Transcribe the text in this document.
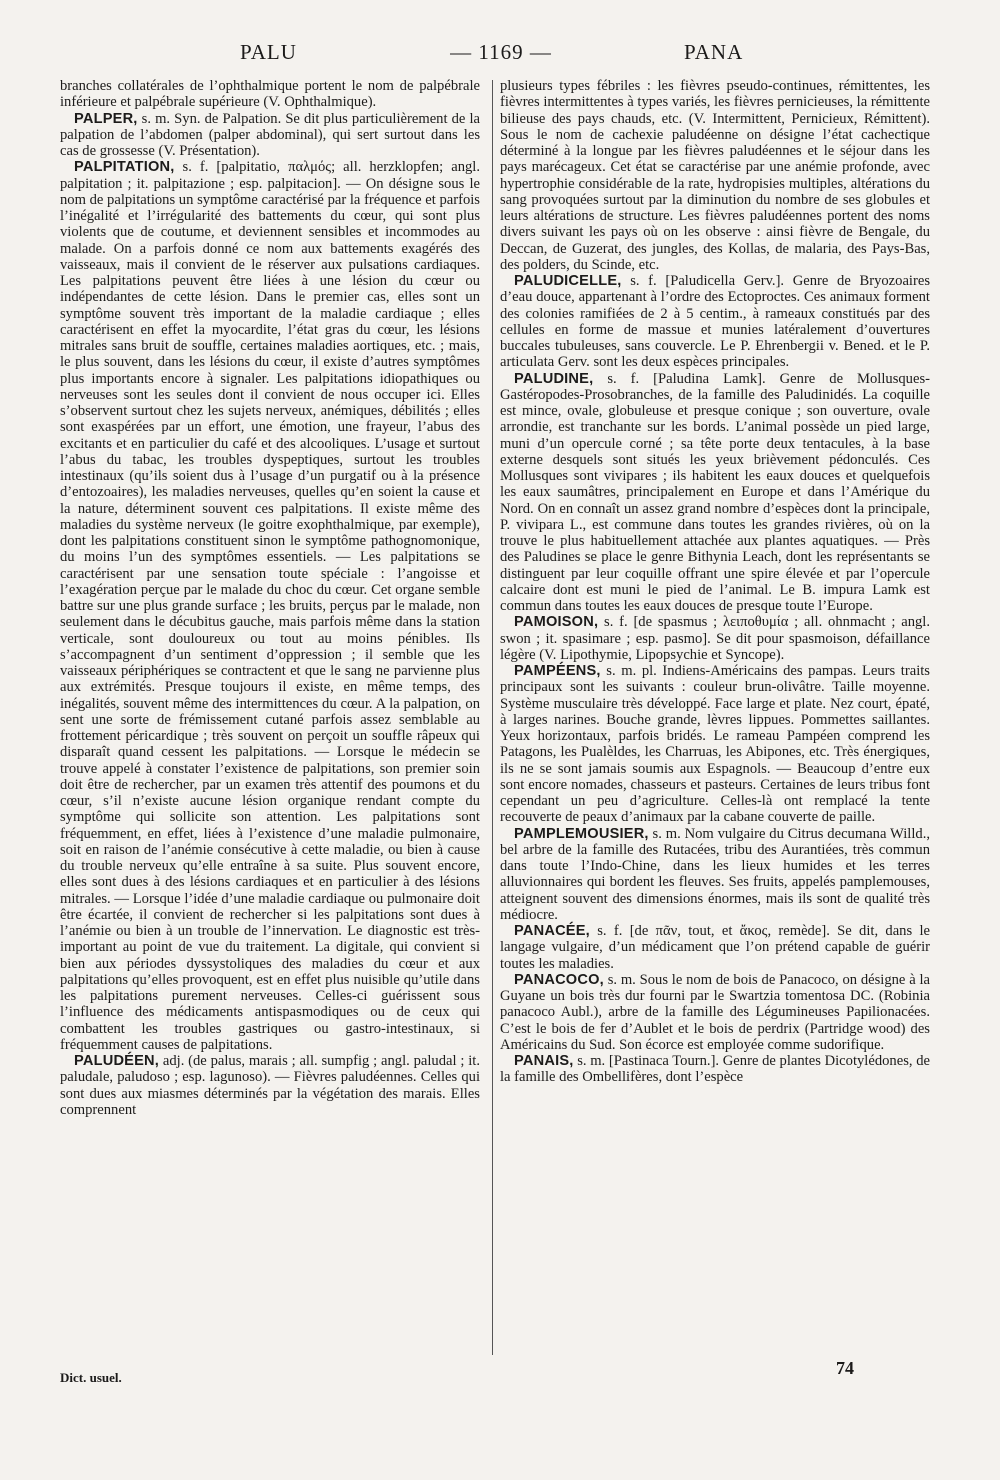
PALU	— 1169 —	PANA

branches collatérales de l’ophthalmique portent le nom de palpébrale inférieure et palpébrale supérieure (V. Ophthalmique).

PALPER, s. m. Syn. de Palpation. Se dit plus particulièrement de la palpation de l’abdomen (palper abdominal), qui sert surtout dans les cas de grossesse (V. Présentation).

PALPITATION, s. f. [palpitatio, παλμός; all. herzklopfen; angl. palpitation ; it. palpitazione ; esp. palpitacion]. — On désigne sous le nom de palpitations un symptôme caractérisé par la fréquence et parfois l’inégalité et l’irrégularité des battements du cœur, qui sont plus violents que de coutume, et deviennent sensibles et incommodes au malade. On a parfois donné ce nom aux battements exagérés des vaisseaux, mais il convient de le réserver aux pulsations cardiaques. Les palpitations peuvent être liées à une lésion du cœur ou indépendantes de cette lésion. Dans le premier cas, elles sont un symptôme souvent très important de la maladie cardiaque ; elles caractérisent en effet la myocardite, l’état gras du cœur, les lésions mitrales sans bruit de souffle, certaines maladies aortiques, etc. ; mais, le plus souvent, dans les lésions du cœur, il existe d’autres symptômes plus importants encore à signaler. Les palpitations idiopathiques ou nerveuses sont les seules dont il convient de nous occuper ici. Elles s’observent surtout chez les sujets nerveux, anémiques, débilités ; elles sont exaspérées par un effort, une émotion, une frayeur, l’abus des excitants et en particulier du café et des alcooliques. L’usage et surtout l’abus du tabac, les troubles dyspeptiques, surtout les troubles intestinaux (qu’ils soient dus à l’usage d’un purgatif ou à la présence d’entozoaires), les maladies nerveuses, quelles qu’en soient la cause et la nature, déterminent souvent ces palpitations. Il existe même des maladies du système nerveux (le goitre exophthalmique, par exemple), dont les palpitations constituent sinon le symptôme pathognomonique, du moins l’un des symptômes essentiels. — Les palpitations se caractérisent par une sensation toute spéciale : l’angoisse et l’exagération perçue par le malade du choc du cœur. Cet organe semble battre sur une plus grande surface ; les bruits, perçus par le malade, non seulement dans le décubitus gauche, mais parfois même dans la station verticale, sont douloureux ou tout au moins pénibles. Ils s’accompagnent d’un sentiment d’oppression ; il semble que les vaisseaux périphériques se contractent et que le sang ne parvienne plus aux extrémités. Presque toujours il existe, en même temps, des inégalités, souvent même des intermittences du cœur. A la palpation, on sent une sorte de frémissement cutané parfois assez semblable au frottement péricardique ; très souvent on perçoit un souffle râpeux qui disparaît quand cessent les palpitations. — Lorsque le médecin se trouve appelé à constater l’existence de palpitations, son premier soin doit être de rechercher, par un examen très attentif des poumons et du cœur, s’il n’existe aucune lésion organique rendant compte du symptôme qui sollicite son attention. Les palpitations sont fréquemment, en effet, liées à l’existence d’une maladie pulmonaire, soit en raison de l’anémie consécutive à cette maladie, ou bien à cause du trouble nerveux qu’elle entraîne à sa suite. Plus souvent encore, elles sont dues à des lésions cardiaques et en particulier à des lésions mitrales. — Lorsque l’idée d’une maladie cardiaque ou pulmonaire doit être écartée, il convient de rechercher si les palpitations sont dues à l’anémie ou bien à un trouble de l’innervation. Le diagnostic est très-important au point de vue du traitement. La digitale, qui convient si bien aux périodes dyssystoliques des maladies du cœur et aux palpitations qu’elles provoquent, est en effet plus nuisible qu’utile dans les palpitations purement nerveuses. Celles-ci guérissent sous l’influence des médicaments antispasmodiques ou de ceux qui combattent les troubles gastriques ou gastro-intestinaux, si fréquemment causes de palpitations.

PALUDÉEN, adj. (de palus, marais ; all. sumpfig ; angl. paludal ; it. paludale, paludoso ; esp. lagunoso). — Fièvres paludéennes. Celles qui sont dues aux miasmes déterminés par la végétation des marais. Elles comprennent

plusieurs types fébriles : les fièvres pseudo-continues, rémittentes, les fièvres intermittentes à types variés, les fièvres pernicieuses, la rémittente bilieuse des pays chauds, etc. (V. Intermittent, Pernicieux, Rémittent). Sous le nom de cachexie paludéenne on désigne l’état cachectique déterminé à la longue par les fièvres paludéennes et le séjour dans les pays marécageux. Cet état se caractérise par une anémie profonde, avec hypertrophie considérable de la rate, hydropisies multiples, altérations du sang provoquées surtout par la diminution du nombre de ses globules et leurs altérations de structure. Les fièvres paludéennes portent des noms divers suivant les pays où on les observe : ainsi fièvre de Bengale, du Deccan, de Guzerat, des jungles, des Kollas, de malaria, des Pays-Bas, des polders, du Scinde, etc.

PALUDICELLE, s. f. [Paludicella Gerv.]. Genre de Bryozoaires d’eau douce, appartenant à l’ordre des Ectoproctes. Ces animaux forment des colonies ramifiées de 2 à 5 centim., à rameaux constitués par des cellules en forme de massue et munies latéralement d’ouvertures buccales tubuleuses, sans couvercle. Le P. Ehrenbergii v. Bened. et le P. articulata Gerv. sont les deux espèces principales.

PALUDINE, s. f. [Paludina Lamk]. Genre de Mollusques-Gastéropodes-Prosobranches, de la famille des Paludinidés. La coquille est mince, ovale, globuleuse et presque conique ; son ouverture, ovale arrondie, est tranchante sur les bords. L’animal possède un pied large, muni d’un opercule corné ; sa tête porte deux tentacules, à la base externe desquels sont situés les yeux brièvement pédonculés. Ces Mollusques sont vivipares ; ils habitent les eaux douces et quelquefois les eaux saumâtres, principalement en Europe et dans l’Amérique du Nord. On en connaît un assez grand nombre d’espèces dont la principale, P. vivipara L., est commune dans toutes les grandes rivières, où on la trouve le plus habituellement attachée aux plantes aquatiques. — Près des Paludines se place le genre Bithynia Leach, dont les représentants se distinguent par leur coquille offrant une spire élevée et par l’opercule calcaire dont est muni le pied de l’animal. Le B. impura Lamk est commun dans toutes les eaux douces de presque toute l’Europe.

PAMOISON, s. f. [de spasmus ; λειποθυμία ; all. ohnmacht ; angl. swon ; it. spasimare ; esp. pasmo]. Se dit pour spasmoison, défaillance légère (V. Lipothymie, Lipopsychie et Syncope).

PAMPÉENS, s. m. pl. Indiens-Américains des pampas. Leurs traits principaux sont les suivants : couleur brun-olivâtre. Taille moyenne. Système musculaire très développé. Face large et plate. Nez court, épaté, à larges narines. Bouche grande, lèvres lippues. Pommettes saillantes. Yeux horizontaux, parfois bridés. Le rameau Pampéen comprend les Patagons, les Pualèldes, les Charruas, les Abipones, etc. Très énergiques, ils ne se sont jamais soumis aux Espagnols. — Beaucoup d’entre eux sont encore nomades, chasseurs et pasteurs. Certaines de leurs tribus font cependant un peu d’agriculture. Celles-là ont remplacé la tente recouverte de peaux d’animaux par la cabane couverte de paille.

PAMPLEMOUSIER, s. m. Nom vulgaire du Citrus decumana Willd., bel arbre de la famille des Rutacées, tribu des Aurantiées, très commun dans toute l’Indo-Chine, dans les lieux humides et les terres alluvionnaires qui bordent les fleuves. Ses fruits, appelés pamplemouses, atteignent souvent des dimensions énormes, mais ils sont de qualité très médiocre.

PANACÉE, s. f. [de πᾶν, tout, et ἄκος, remède]. Se dit, dans le langage vulgaire, d’un médicament que l’on prétend capable de guérir toutes les maladies.

PANACOCO, s. m. Sous le nom de bois de Panacoco, on désigne à la Guyane un bois très dur fourni par le Swartzia tomentosa DC. (Robinia panacoco Aubl.), arbre de la famille des Légumineuses Papilionacées. C’est le bois de fer d’Aublet et le bois de perdrix (Partridge wood) des Américains du Sud. Son écorce est employée comme sudorifique.

PANAIS, s. m. [Pastinaca Tourn.]. Genre de plantes Dicotylédones, de la famille des Ombellifères, dont l’espèce

Dict. usuel.	74
